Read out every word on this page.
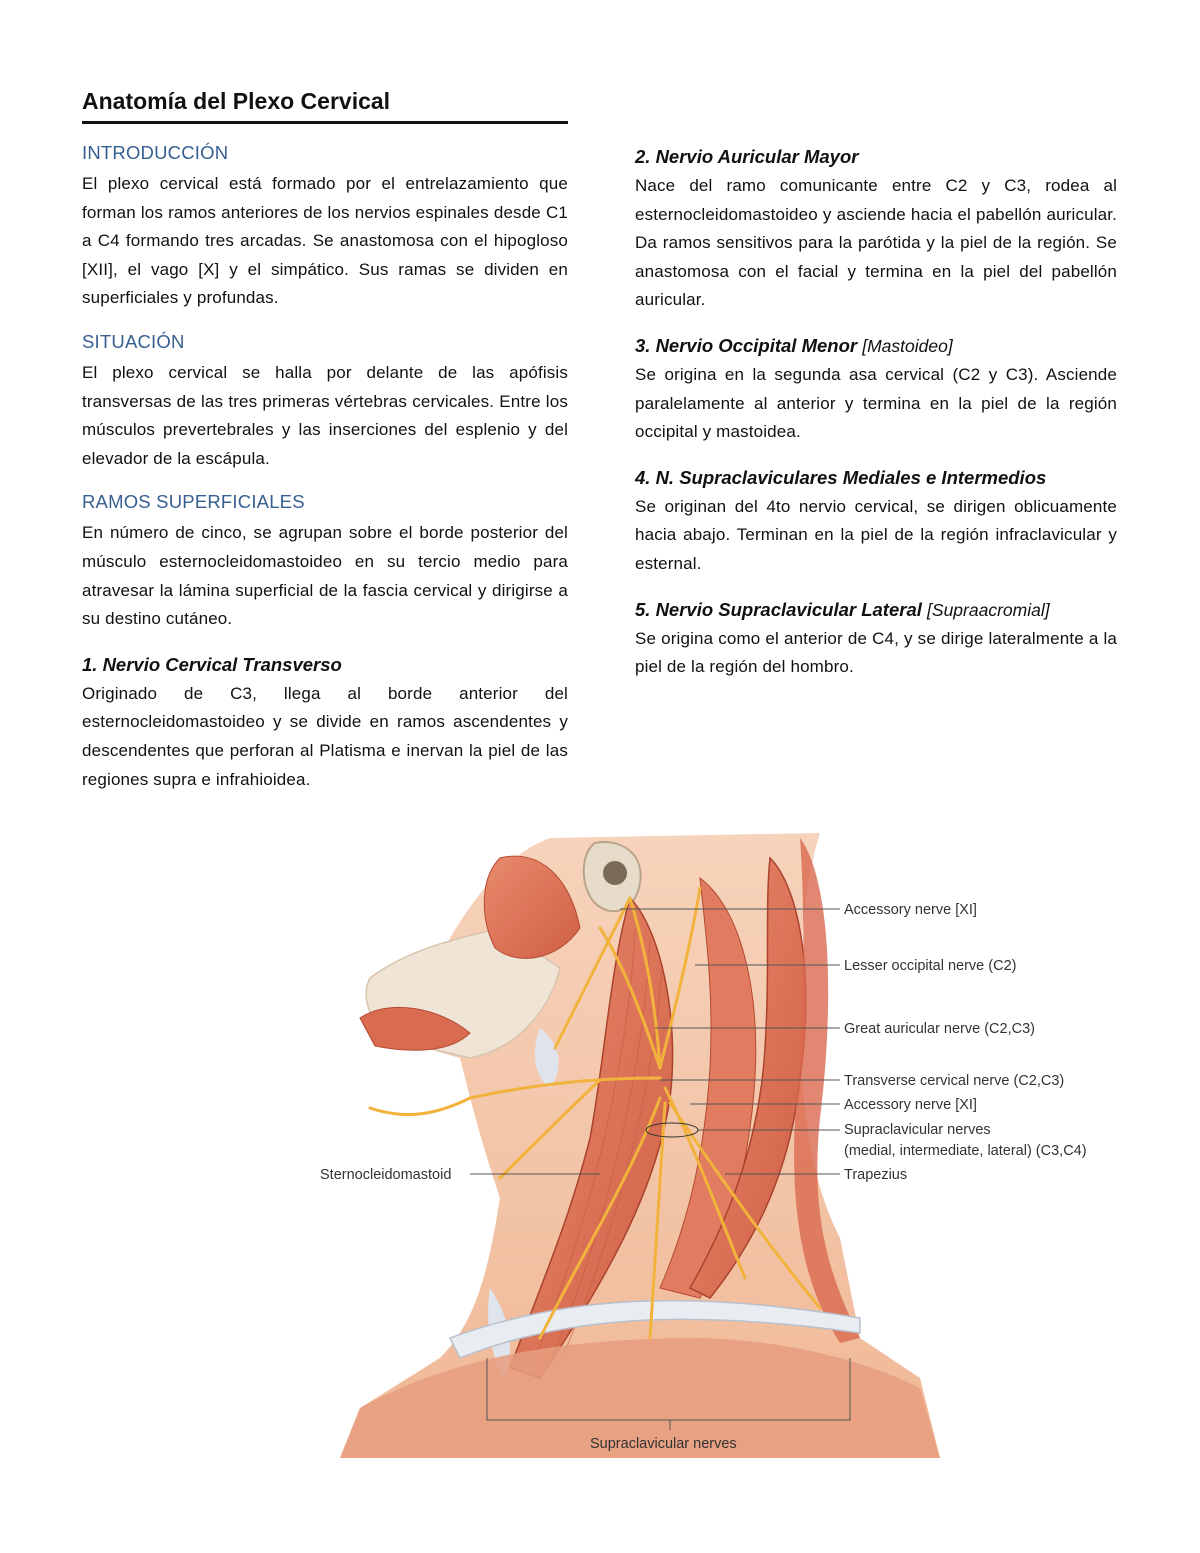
Anatomía del Plexo Cervical
INTRODUCCIÓN

El plexo cervical está formado por el entrelazamiento que forman los ramos anteriores de los nervios espinales desde C1 a C4 formando tres arcadas. Se anastomosa con el hipogloso [XII], el vago [X] y el simpático. Sus ramas se dividen en superficiales y profundas.

SITUACIÓN

El plexo cervical se halla por delante de las apófisis transversas de las tres primeras vértebras cervicales. Entre los músculos prevertebrales y las inserciones del esplenio y del elevador de la escápula.

RAMOS SUPERFICIALES

En número de cinco, se agrupan sobre el borde posterior del músculo esternocleidomastoideo en su tercio medio para atravesar la lámina superficial de la fascia cervical y dirigirse a su destino cutáneo.

1. Nervio Cervical Transverso

Originado de C3, llega al borde anterior del esternocleidomastoideo y se divide en ramos ascendentes y descendentes que perforan al Platisma e inervan la piel de las regiones supra e infrahioidea.

2. Nervio Auricular Mayor

Nace del ramo comunicante entre C2 y C3, rodea al esternocleidomastoideo y asciende hacia el pabellón auricular. Da ramos sensitivos para la parótida y la piel de la región. Se anastomosa con el facial y termina en la piel del pabellón auricular.

3. Nervio Occipital Menor [Mastoideo]

Se origina en la segunda asa cervical (C2 y C3). Asciende paralelamente al anterior y termina en la piel de la región occipital y mastoidea.

4. N. Supraclaviculares Mediales e Intermedios

Se originan del 4to nervio cervical, se dirigen oblicuamente hacia abajo. Terminan en la piel de la región infraclavicular y esternal.

5. Nervio Supraclavicular Lateral [Supraacromial]

Se origina como el anterior de C4, y se dirige lateralmente a la piel de la región del hombro.

Accessory nerve [XI]
Lesser occipital nerve (C2)
Great auricular nerve (C2,C3)
Transverse cervical nerve (C2,C3)
Accessory nerve [XI]
Supraclavicular nerves
(medial, intermediate, lateral) (C3,C4)
Trapezius
Sternocleidomastoid
Supraclavicular nerves
